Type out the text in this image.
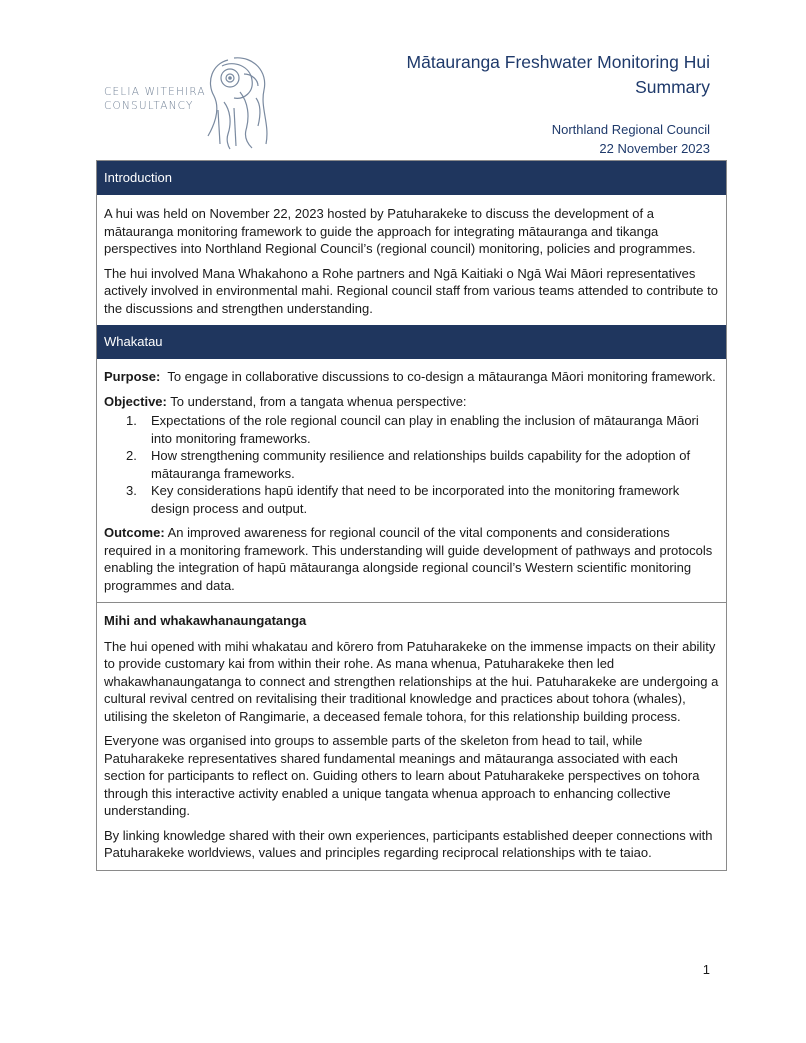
CELIA WITEHIRA
CONSULTANCY
Mātauranga Freshwater Monitoring Hui
Summary
Northland Regional Council
22 November 2023
Introduction

A hui was held on November 22, 2023 hosted by Patuharakeke to discuss the development of a mātauranga monitoring framework to guide the approach for integrating mātauranga and tikanga perspectives into Northland Regional Council’s (regional council) monitoring, policies and programmes.

The hui involved Mana Whakahono a Rohe partners and Ngā Kaitiaki o Ngā Wai Māori representatives actively involved in environmental mahi. Regional council staff from various teams attended to contribute to the discussions and strengthen understanding.

Whakatau

Purpose: To engage in collaborative discussions to co-design a mātauranga Māori monitoring framework.

Objective: To understand, from a tangata whenua perspective:

1. Expectations of the role regional council can play in enabling the inclusion of mātauranga Māori into monitoring frameworks.
2. How strengthening community resilience and relationships builds capability for the adoption of mātauranga frameworks.
3. Key considerations hapū identify that need to be incorporated into the monitoring framework design process and output.

Outcome: An improved awareness for regional council of the vital components and considerations required in a monitoring framework. This understanding will guide development of pathways and protocols enabling the integration of hapū mātauranga alongside regional council’s Western scientific monitoring programmes and data.

Mihi and whakawhanaungatanga

The hui opened with mihi whakatau and kōrero from Patuharakeke on the immense impacts on their ability to provide customary kai from within their rohe. As mana whenua, Patuharakeke then led whakawhanaungatanga to connect and strengthen relationships at the hui. Patuharakeke are undergoing a cultural revival centred on revitalising their traditional knowledge and practices about tohora (whales), utilising the skeleton of Rangimarie, a deceased female tohora, for this relationship building process.

Everyone was organised into groups to assemble parts of the skeleton from head to tail, while Patuharakeke representatives shared fundamental meanings and mātauranga associated with each section for participants to reflect on. Guiding others to learn about Patuharakeke perspectives on tohora through this interactive activity enabled a unique tangata whenua approach to enhancing collective understanding.

By linking knowledge shared with their own experiences, participants established deeper connections with Patuharakeke worldviews, values and principles regarding reciprocal relationships with te taiao.

1
